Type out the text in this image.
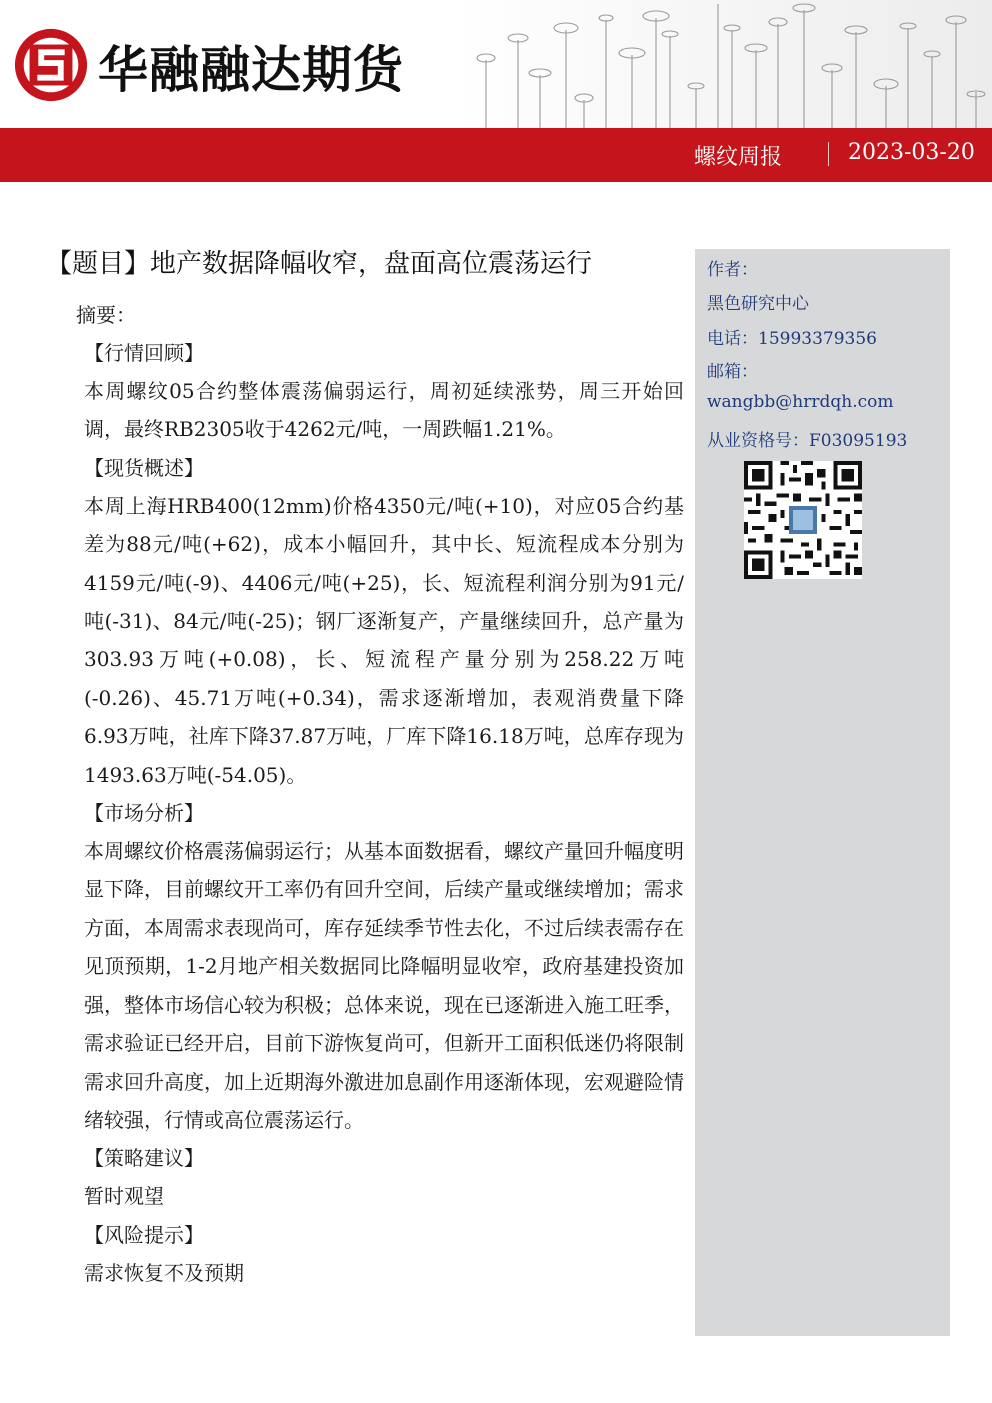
华融融达期货
螺纹周报	2023-03-20
【题目】地产数据降幅收窄，盘面高位震荡运行
摘要：
【行情回顾】
本周螺纹05合约整体震荡偏弱运行，周初延续涨势，周三开始回调，最终RB2305收于4262元/吨，一周跌幅1.21%。
【现货概述】
本周上海HRB400(12mm)价格4350元/吨(+10)，对应05合约基差为88元/吨(+62)，成本小幅回升，其中长、短流程成本分别为4159元/吨(-9)、4406元/吨(+25)，长、短流程利润分别为91元/吨(-31)、84元/吨(-25)；钢厂逐渐复产，产量继续回升，总产量为303.93万吨(+0.08)，长、短流程产量分别为258.22万吨(-0.26)、45.71万吨(+0.34)，需求逐渐增加，表观消费量下降6.93万吨，社库下降37.87万吨，厂库下降16.18万吨，总库存现为1493.63万吨(-54.05)。
【市场分析】
本周螺纹价格震荡偏弱运行；从基本面数据看，螺纹产量回升幅度明显下降，目前螺纹开工率仍有回升空间，后续产量或继续增加；需求方面，本周需求表现尚可，库存延续季节性去化，不过后续表需存在见顶预期，1-2月地产相关数据同比降幅明显收窄，政府基建投资加强，整体市场信心较为积极；总体来说，现在已逐渐进入施工旺季，需求验证已经开启，目前下游恢复尚可，但新开工面积低迷仍将限制需求回升高度，加上近期海外激进加息副作用逐渐体现，宏观避险情绪较强，行情或高位震荡运行。
【策略建议】
暂时观望
【风险提示】
需求恢复不及预期
作者：
黑色研究中心
电话：15993379356
邮箱：
wangbb@hrrdqh.com
从业资格号：F03095193
